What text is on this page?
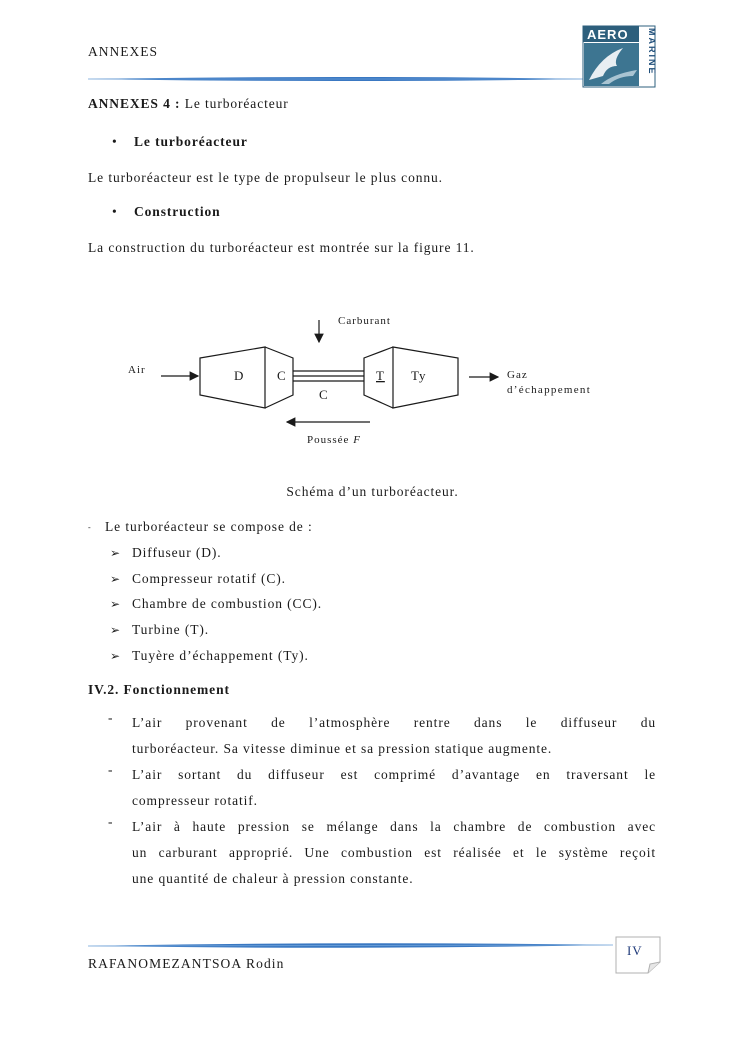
ANNEXES
AERO MARINE
ANNEXES 4 : Le turboréacteur
• Le turboréacteur
Le turboréacteur est le type de propulseur le plus connu.
• Construction
La construction du turboréacteur est montrée sur la figure 11.
Carburant
Air	D	C
C
T Ty	Gaz
d’échappement
Poussée F
Schéma d’un turboréacteur.
- Le turboréacteur se compose de :
➢ Diffuseur (D).
➢ Compresseur rotatif (C).
➢ Chambre de combustion (CC).
➢ Turbine (T).
➢ Tuyère d’échappement (Ty).
IV.2. Fonctionnement
- L’air provenant de l’atmosphère rentre dans le diffuseur du
turboréacteur. Sa vitesse diminue et sa pression statique augmente.
- L’air sortant du diffuseur est comprimé d’avantage en traversant le
compresseur rotatif.
- L’air à haute pression se mélange dans la chambre de combustion avec
un carburant approprié. Une combustion est réalisée et le système reçoit
une quantité de chaleur à pression constante.
RAFANOMEZANTSOA Rodin
IV
